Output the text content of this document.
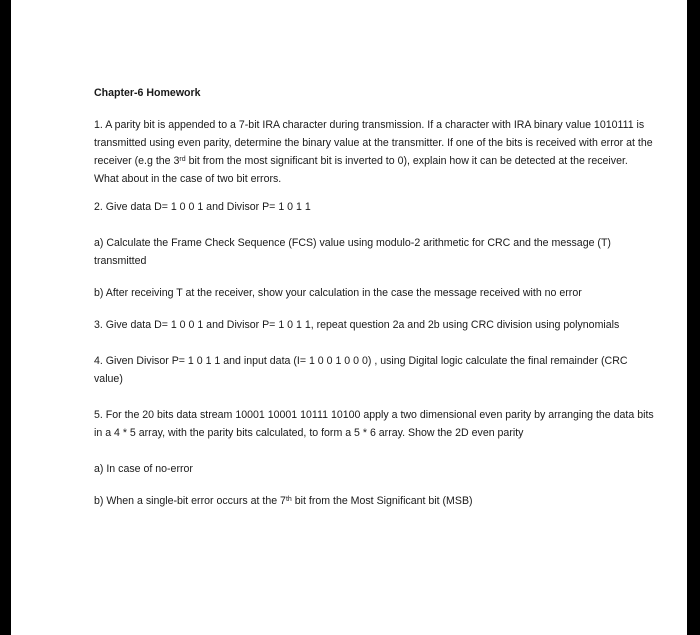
Chapter-6 Homework
1. A parity bit is appended to a 7-bit IRA character during transmission. If a character with IRA binary value 1010111 is transmitted using even parity, determine the binary value at the transmitter. If one of the bits is received with error at the receiver (e.g the 3rd bit from the most significant bit is inverted to 0), explain how it can be detected at the receiver. What about in the case of two bit errors.
2. Give data D= 1 0 0 1 and Divisor P= 1 0 1 1
a) Calculate the Frame Check Sequence (FCS) value using modulo-2 arithmetic for CRC and the message (T) transmitted
b) After receiving T at the receiver, show your calculation in the case the message received with no error
3. Give data D= 1 0 0 1 and Divisor P= 1 0 1 1, repeat question 2a and 2b using CRC division using polynomials
4. Given Divisor P= 1 0 1 1 and input data (I= 1 0 0 1 0 0 0) , using Digital logic calculate the final remainder (CRC value)
5. For the 20 bits data stream 10001 10001 10111 10100 apply a two dimensional even parity by arranging the data bits in a 4 * 5 array, with the parity bits calculated, to form a 5 * 6 array. Show the 2D even parity
a) In case of no-error
b) When a single-bit error occurs at the 7th bit from the Most Significant bit (MSB)
